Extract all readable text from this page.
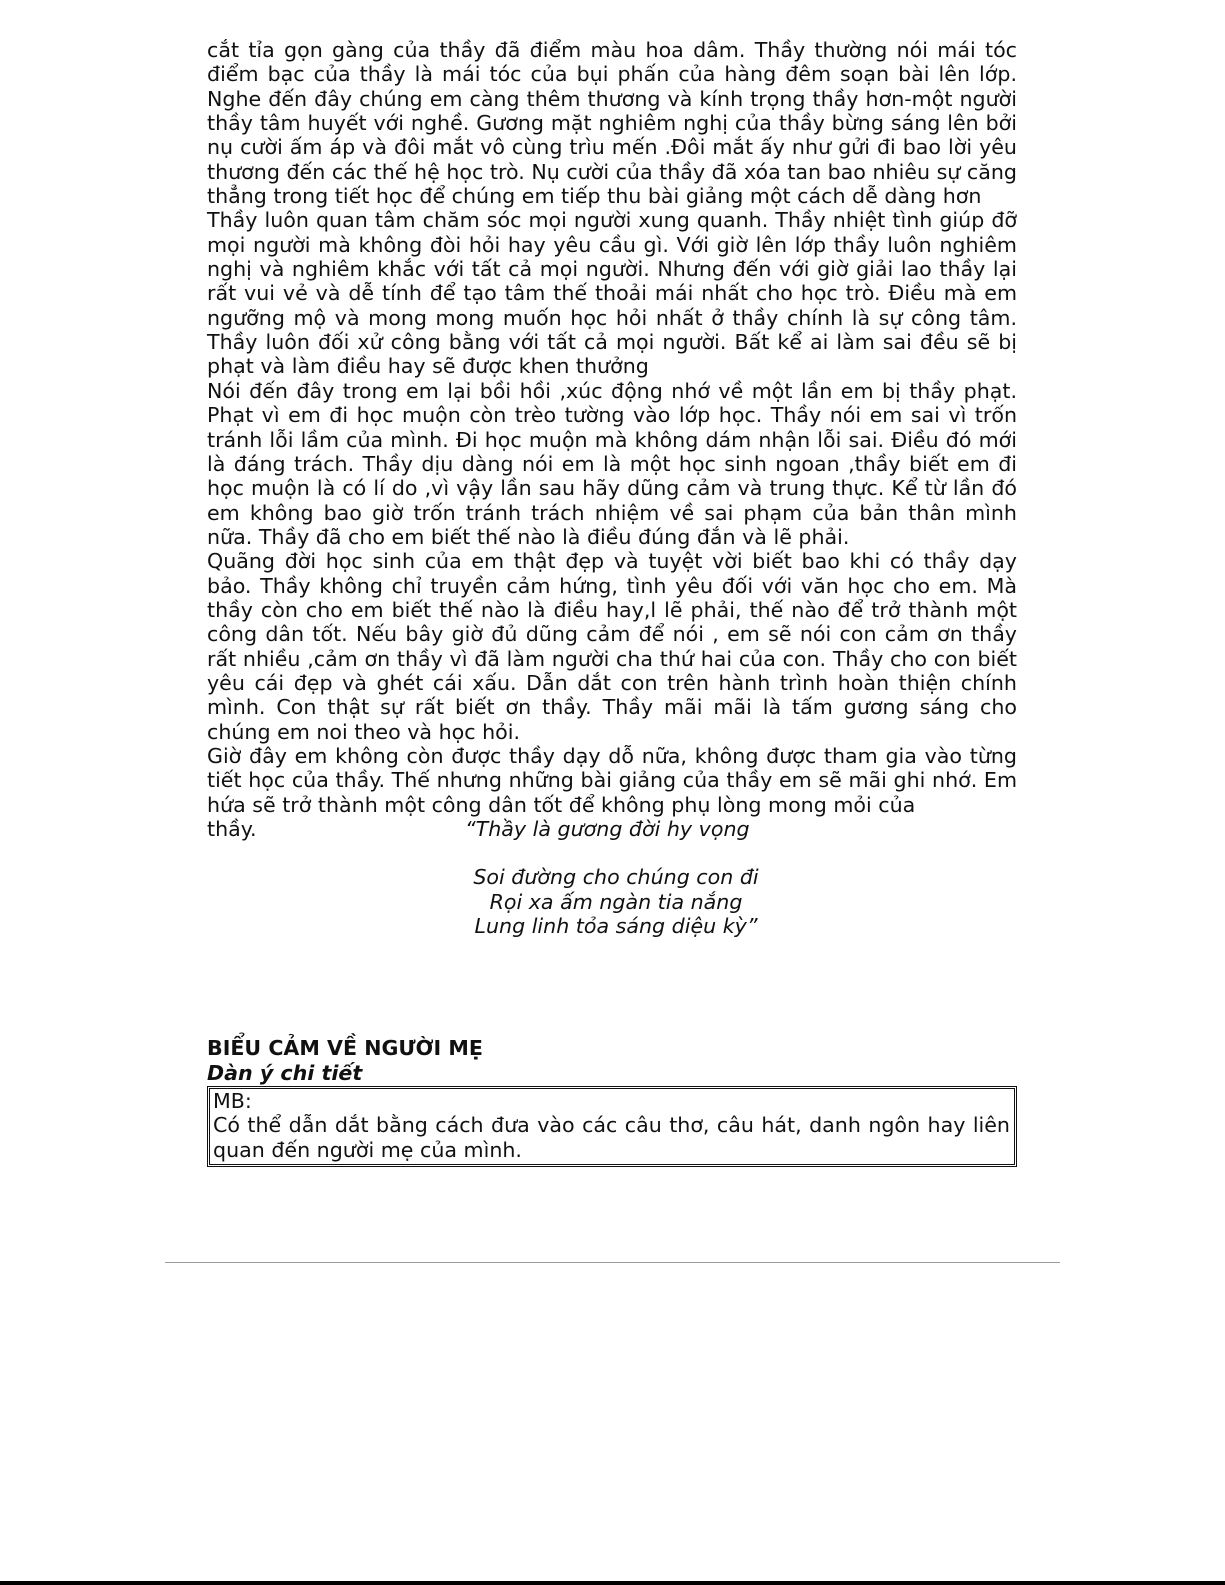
cắt tỉa gọn gàng của thầy đã điểm màu hoa dâm. Thầy thường nói mái tóc điểm bạc của thầy là mái tóc của bụi phấn của hàng đêm soạn bài lên lớp. Nghe đến đây chúng em càng thêm thương và kính trọng thầy hơn-một người thầy tâm huyết với nghề. Gương mặt nghiêm nghị của thầy bừng sáng lên bởi nụ cười ấm áp và đôi mắt vô cùng trìu mến .Đôi mắt ấy như gửi đi bao lời yêu thương đến các thế hệ học trò. Nụ cười của thầy đã xóa tan bao nhiêu sự căng thẳng trong tiết học để chúng em tiếp thu bài giảng một cách dễ dàng hơn

Thầy luôn quan tâm chăm sóc mọi người xung quanh. Thầy nhiệt tình giúp đỡ mọi người mà không đòi hỏi hay yêu cầu gì. Với giờ lên lớp thầy luôn nghiêm nghị và nghiêm khắc với tất cả mọi người. Nhưng đến với giờ giải lao thầy lại rất vui vẻ và dễ tính để tạo tâm thế thoải mái nhất cho học trò. Điều mà em ngưỡng mộ và mong mong muốn học hỏi nhất ở thầy chính là sự công tâm. Thầy luôn đối xử công bằng với tất cả mọi người. Bất kể ai làm sai đều sẽ bị phạt và làm điều hay sẽ được khen thưởng

Nói đến đây trong em lại bồi hồi ,xúc động nhớ về một lần em bị thầy phạt. Phạt vì em đi học muộn còn trèo tường vào lớp học. Thầy nói em sai vì trốn tránh lỗi lầm của mình. Đi học muộn mà không dám nhận lỗi sai. Điều đó mới là đáng trách. Thầy dịu dàng nói em là một học sinh ngoan ,thầy biết em đi học muộn là có lí do ,vì vậy lần sau hãy dũng cảm và trung thực. Kể từ lần đó em không bao giờ trốn tránh trách nhiệm về sai phạm của bản thân mình nữa. Thầy đã cho em biết thế nào là điều đúng đắn và lẽ phải.

Quãng đời học sinh của em thật đẹp và tuyệt vời biết bao khi có thầy dạy bảo. Thầy không chỉ truyền cảm hứng, tình yêu đối với văn học cho em. Mà thầy còn cho em biết thế nào là điều hay,l lẽ phải, thế nào để trở thành một công dân tốt. Nếu bây giờ đủ dũng cảm để nói , em sẽ nói con cảm ơn thầy rất nhiều ,cảm ơn thầy vì đã làm người cha thứ hai của con. Thầy cho con biết yêu cái đẹp và ghét cái xấu. Dẫn dắt con trên hành trình hoàn thiện chính mình. Con thật sự rất biết ơn thầy. Thầy mãi mãi là tấm gương sáng cho chúng em noi theo và học hỏi.

Giờ đây em không còn được thầy dạy dỗ nữa, không được tham gia vào từng tiết học của thầy. Thế nhưng những bài giảng của thầy em sẽ mãi ghi nhớ. Em hứa sẽ trở thành một công dân tốt để không phụ lòng mong mỏi của

thầy.	“Thầy là gương đời hy vọng
Soi đường cho chúng con đi
Rọi xa ấm ngàn tia nắng
Lung linh tỏa sáng diệu kỳ”

BIỂU CẢM VỀ NGƯỜI MẸ

Dàn ý chi tiết

MB:

Có thể dẫn dắt bằng cách đưa vào các câu thơ, câu hát, danh ngôn hay liên quan đến người mẹ của mình.
